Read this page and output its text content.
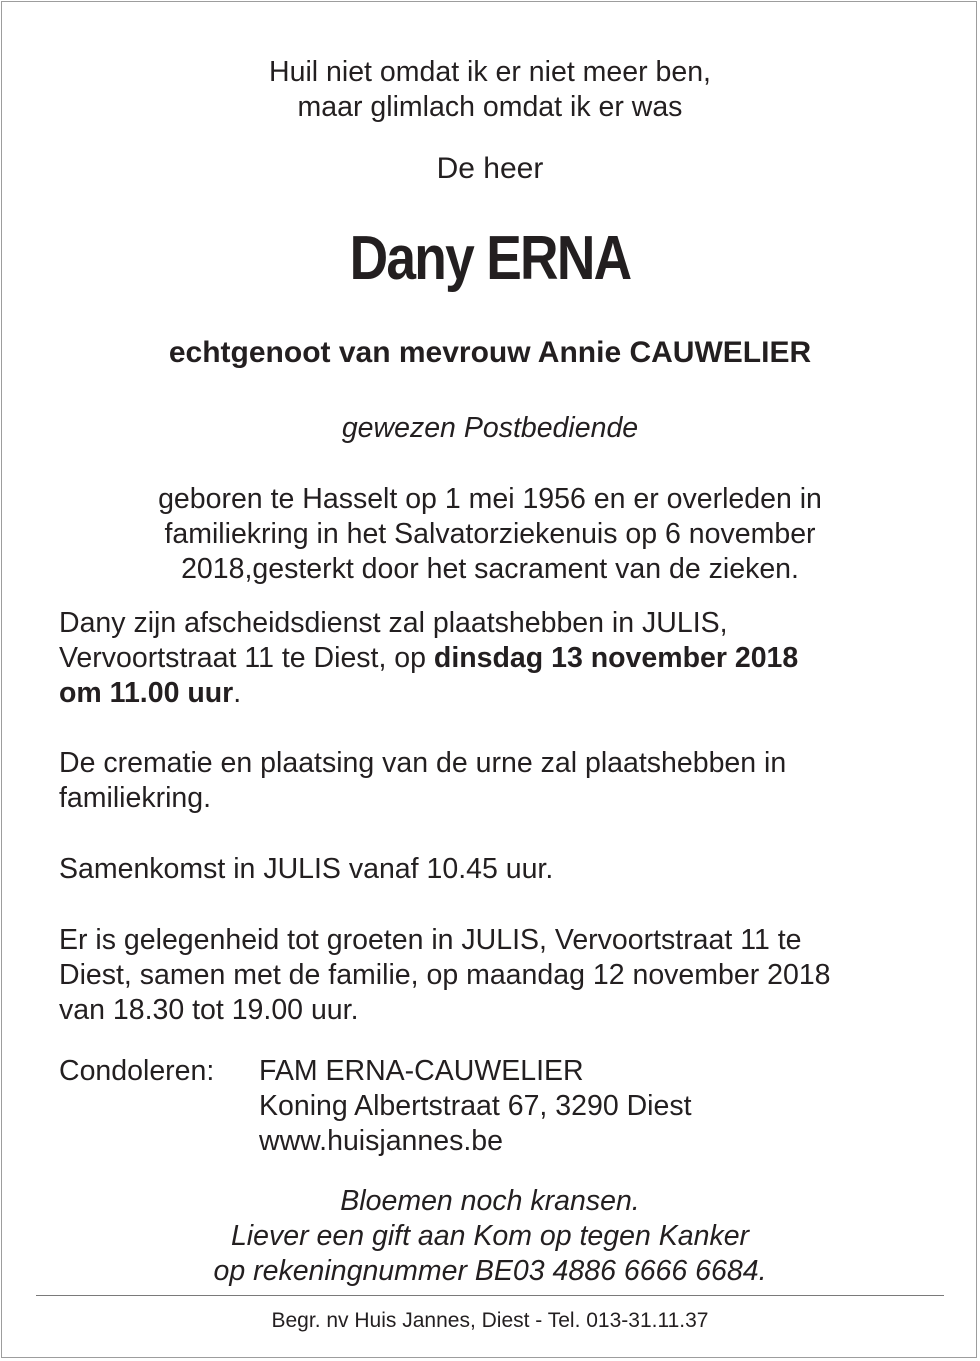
Huil niet omdat ik er niet meer ben,
maar glimlach omdat ik er was
De heer
Dany ERNA
echtgenoot van mevrouw Annie CAUWELIER
gewezen Postbediende
geboren te Hasselt op 1 mei 1956 en er overleden in
familiekring in het Salvatorziekenuis op 6 november
2018,gesterkt door het sacrament van de zieken.
Dany zijn afscheidsdienst zal plaatshebben in JULIS,
Vervoortstraat 11 te Diest, op dinsdag 13 november 2018
om 11.00 uur.
De crematie en plaatsing van de urne zal plaatshebben in
familiekring.
Samenkomst in JULIS vanaf 10.45 uur.
Er is gelegenheid tot groeten in JULIS, Vervoortstraat 11 te
Diest, samen met de familie, op maandag 12 november 2018
van 18.30 tot 19.00 uur.
Condoleren: FAM ERNA-CAUWELIER
Koning Albertstraat 67, 3290 Diest
www.huisjannes.be
Bloemen noch kransen.
Liever een gift aan Kom op tegen Kanker
op rekeningnummer BE03 4886 6666 6684.
Begr. nv Huis Jannes, Diest - Tel. 013-31.11.37
